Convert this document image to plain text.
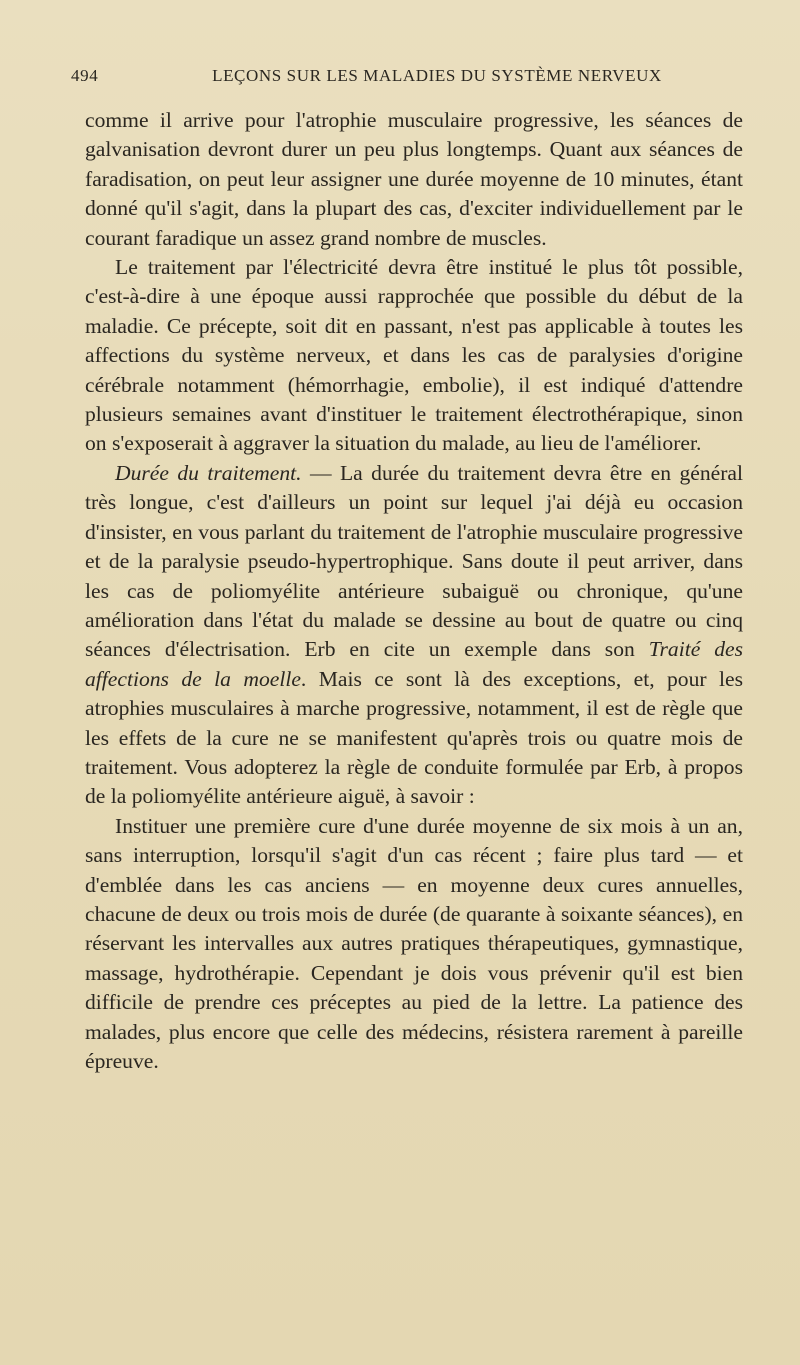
494	LEÇONS SUR LES MALADIES DU SYSTÈME NERVEUX

comme il arrive pour l'atrophie musculaire progressive, les séances de galvanisation devront durer un peu plus longtemps. Quant aux séances de faradisation, on peut leur assigner une durée moyenne de 10 minutes, étant donné qu'il s'agit, dans la plupart des cas, d'exciter individuellement par le courant faradique un assez grand nombre de muscles.

Le traitement par l'électricité devra être institué le plus tôt possible, c'est-à-dire à une époque aussi rapprochée que possible du début de la maladie. Ce précepte, soit dit en passant, n'est pas applicable à toutes les affections du système nerveux, et dans les cas de paralysies d'origine cérébrale notamment (hémorrhagie, embolie), il est indiqué d'attendre plusieurs semaines avant d'instituer le traitement électrothérapique, sinon on s'exposerait à aggraver la situation du malade, au lieu de l'améliorer.

Durée du traitement. — La durée du traitement devra être en général très longue, c'est d'ailleurs un point sur lequel j'ai déjà eu occasion d'insister, en vous parlant du traitement de l'atrophie musculaire progressive et de la paralysie pseudo-hypertrophique. Sans doute il peut arriver, dans les cas de poliomyélite antérieure subaiguë ou chronique, qu'une amélioration dans l'état du malade se dessine au bout de quatre ou cinq séances d'électrisation. Erb en cite un exemple dans son Traité des affections de la moelle. Mais ce sont là des exceptions, et, pour les atrophies musculaires à marche progressive, notamment, il est de règle que les effets de la cure ne se manifestent qu'après trois ou quatre mois de traitement. Vous adopterez la règle de conduite formulée par Erb, à propos de la poliomyélite antérieure aiguë, à savoir :

Instituer une première cure d'une durée moyenne de six mois à un an, sans interruption, lorsqu'il s'agit d'un cas récent ; faire plus tard — et d'emblée dans les cas anciens — en moyenne deux cures annuelles, chacune de deux ou trois mois de durée (de quarante à soixante séances), en réservant les intervalles aux autres pratiques thérapeutiques, gymnastique, massage, hydrothérapie. Cependant je dois vous prévenir qu'il est bien difficile de prendre ces préceptes au pied de la lettre. La patience des malades, plus encore que celle des médecins, résistera rarement à pareille épreuve.
